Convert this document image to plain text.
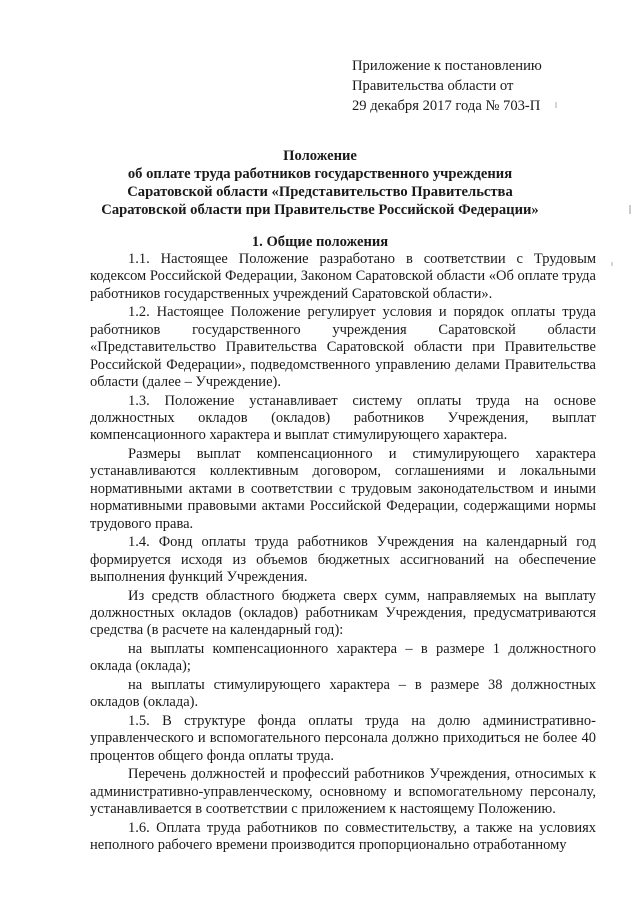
Приложение к постановлению
Правительства области от
29 декабря 2017 года № 703-П
Положение
об оплате труда работников государственного учреждения
Саратовской области «Представительство Правительства
Саратовской области при Правительстве Российской Федерации»
1. Общие положения

1.1. Настоящее Положение разработано в соответствии с Трудовым кодексом Российской Федерации, Законом Саратовской области «Об оплате труда работников государственных учреждений Саратовской области».

1.2. Настоящее Положение регулирует условия и порядок оплаты труда работников государственного учреждения Саратовской области «Представительство Правительства Саратовской области при Правительстве Российской Федерации», подведомственного управлению делами Правительства области (далее – Учреждение).

1.3. Положение устанавливает систему оплаты труда на основе должностных окладов (окладов) работников Учреждения, выплат компенсационного характера и выплат стимулирующего характера.

Размеры выплат компенсационного и стимулирующего характера устанавливаются коллективным договором, соглашениями и локальными нормативными актами в соответствии с трудовым законодательством и иными нормативными правовыми актами Российской Федерации, содержащими нормы трудового права.

1.4. Фонд оплаты труда работников Учреждения на календарный год формируется исходя из объемов бюджетных ассигнований на обеспечение выполнения функций Учреждения.

Из средств областного бюджета сверх сумм, направляемых на выплату должностных окладов (окладов) работникам Учреждения, предусматриваются средства (в расчете на календарный год):

на выплаты компенсационного характера – в размере 1 должностного оклада (оклада);

на выплаты стимулирующего характера – в размере 38 должностных окладов (оклада).

1.5. В структуре фонда оплаты труда на долю административно-управленческого и вспомогательного персонала должно приходиться не более 40 процентов общего фонда оплаты труда.

Перечень должностей и профессий работников Учреждения, относимых к административно-управленческому, основному и вспомогательному персоналу, устанавливается в соответствии с приложением к настоящему Положению.

1.6. Оплата труда работников по совместительству, а также на условиях неполного рабочего времени производится пропорционально отработанному
